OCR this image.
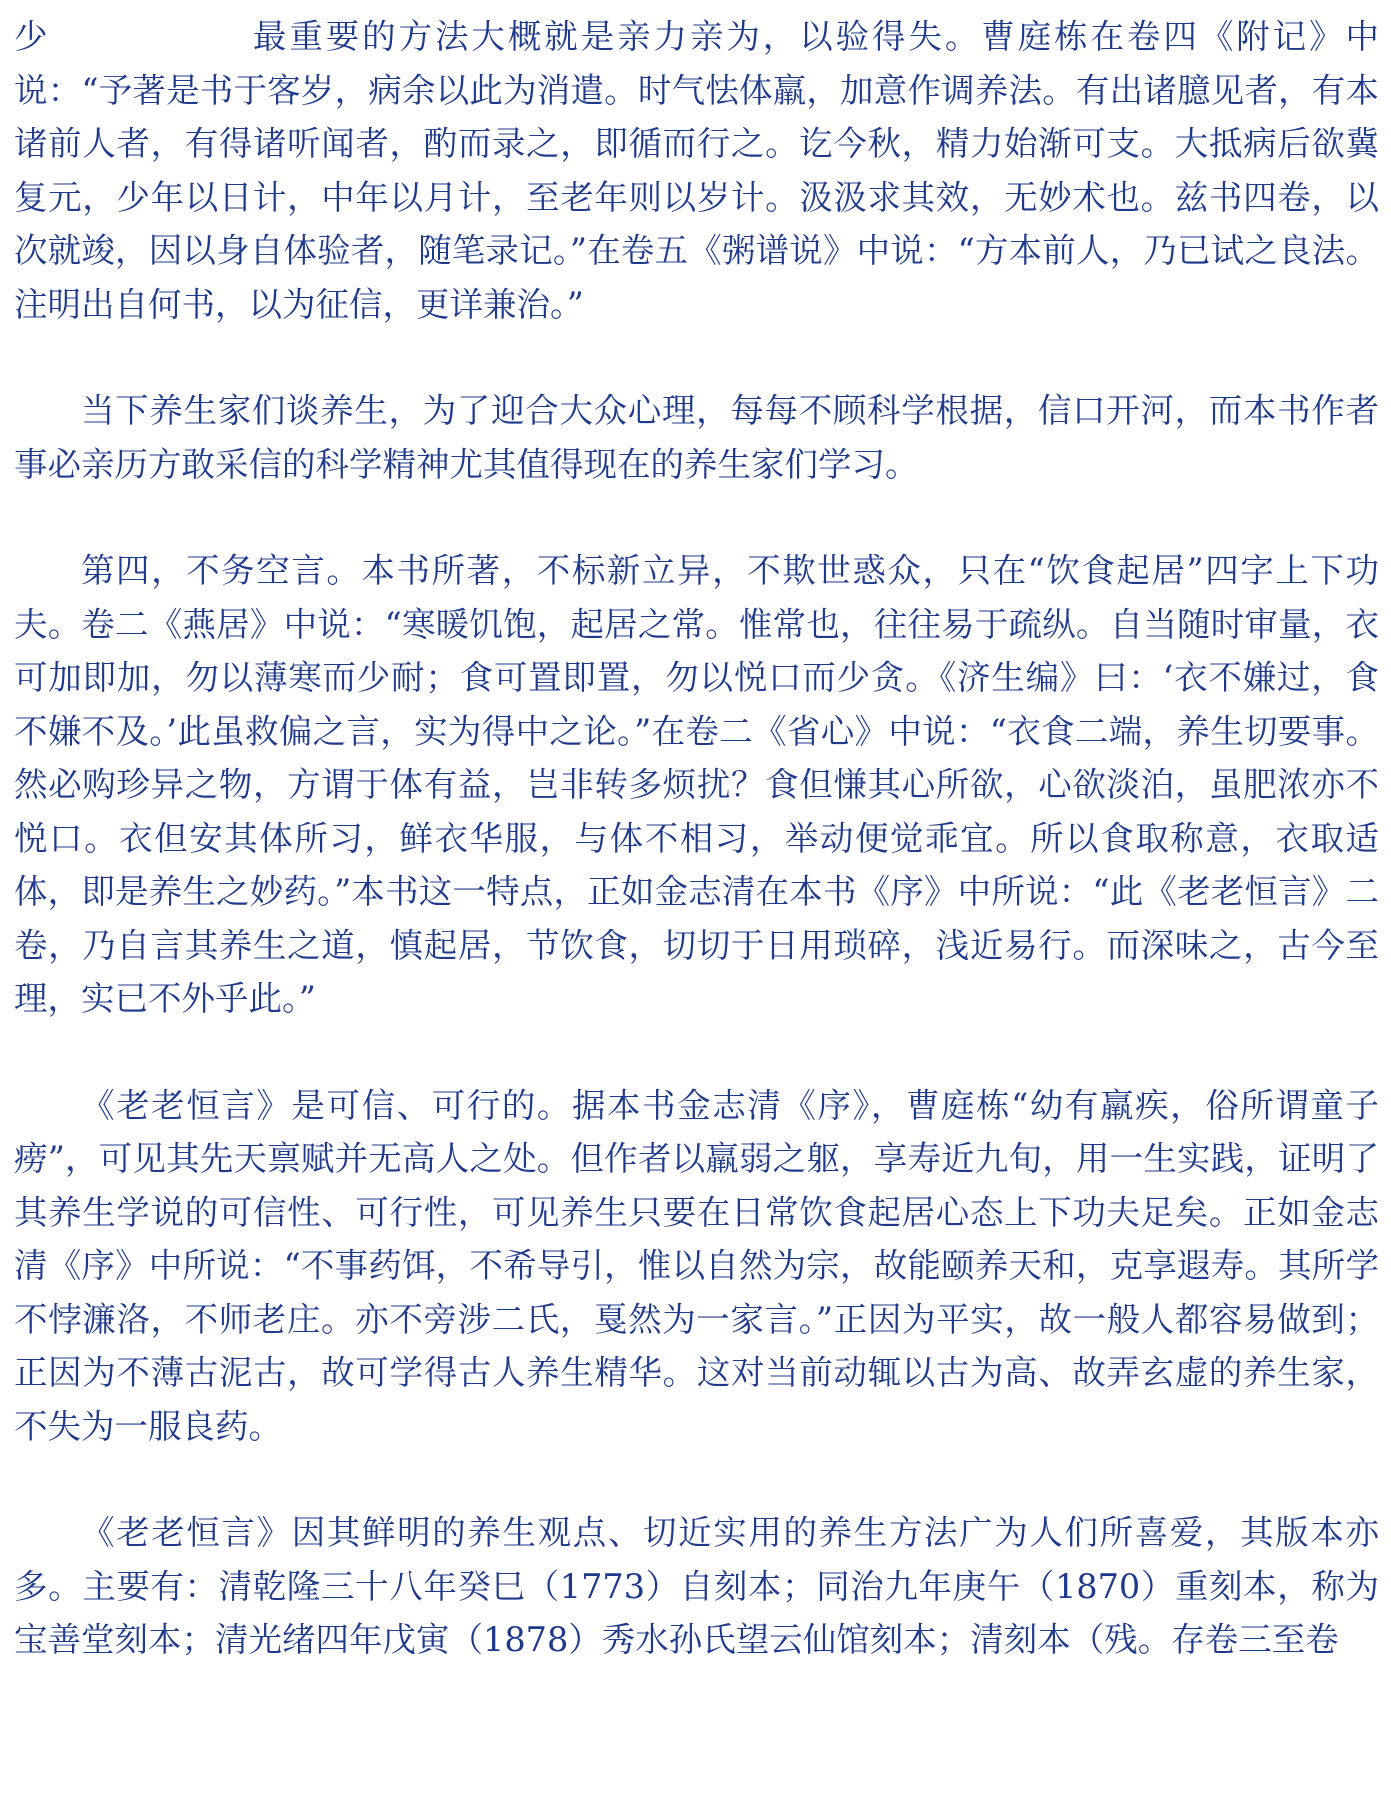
少	最重要的方法大概就是亲力亲为，以验得失。曹庭栋在卷四《附记》中说：“予著是书于客岁，病余以此为消遣。时气怯体羸，加意作调养法。有出诸臆见者，有本诸前人者，有得诸听闻者，酌而录之，即循而行之。讫今秋，精力始渐可支。大抵病后欲冀复元，少年以日计，中年以月计，至老年则以岁计。汲汲求其效，无妙术也。兹书四卷，以次就竣，因以身自体验者，随笔录记。”在卷五《粥谱说》中说：“方本前人，乃已试之良法。注明出自何书，以为征信，更详兼治。”

当下养生家们谈养生，为了迎合大众心理，每每不顾科学根据，信口开河，而本书作者事必亲历方敢采信的科学精神尤其值得现在的养生家们学习。

第四，不务空言。本书所著，不标新立异，不欺世惑众，只在“饮食起居”四字上下功夫。卷二《燕居》中说：“寒暖饥饱，起居之常。惟常也，往往易于疏纵。自当随时审量，衣可加即加，勿以薄寒而少耐；食可置即置，勿以悦口而少贪。《济生编》曰：‘衣不嫌过，食不嫌不及。’此虽救偏之言，实为得中之论。”在卷二《省心》中说：“衣食二端，养生切要事。然必购珍异之物，方谓于体有益，岂非转多烦扰？食但慊其心所欲，心欲淡泊，虽肥浓亦不悦口。衣但安其体所习，鲜衣华服，与体不相习，举动便觉乖宜。所以食取称意，衣取适体，即是养生之妙药。”本书这一特点，正如金志清在本书《序》中所说：“此《老老恒言》二卷，乃自言其养生之道，慎起居，节饮食，切切于日用琐碎，浅近易行。而深味之，古今至理，实已不外乎此。”

《老老恒言》是可信、可行的。据本书金志清《序》，曹庭栋“幼有羸疾，俗所谓童子痨”，可见其先天禀赋并无高人之处。但作者以羸弱之躯，享寿近九旬，用一生实践，证明了其养生学说的可信性、可行性，可见养生只要在日常饮食起居心态上下功夫足矣。正如金志清《序》中所说：“不事药饵，不希导引，惟以自然为宗，故能颐养天和，克享遐寿。其所学不悖濂洛，不师老庄。亦不旁涉二氏，戛然为一家言。”正因为平实，故一般人都容易做到；正因为不薄古泥古，故可学得古人养生精华。这对当前动辄以古为高、故弄玄虚的养生家，不失为一服良药。

《老老恒言》因其鲜明的养生观点、切近实用的养生方法广为人们所喜爱，其版本亦多。主要有：清乾隆三十八年癸巳（1773）自刻本；同治九年庚午（1870）重刻本，称为宝善堂刻本；清光绪四年戊寅（1878）秀水孙氏望云仙馆刻本；清刻本（残。存卷三至卷
